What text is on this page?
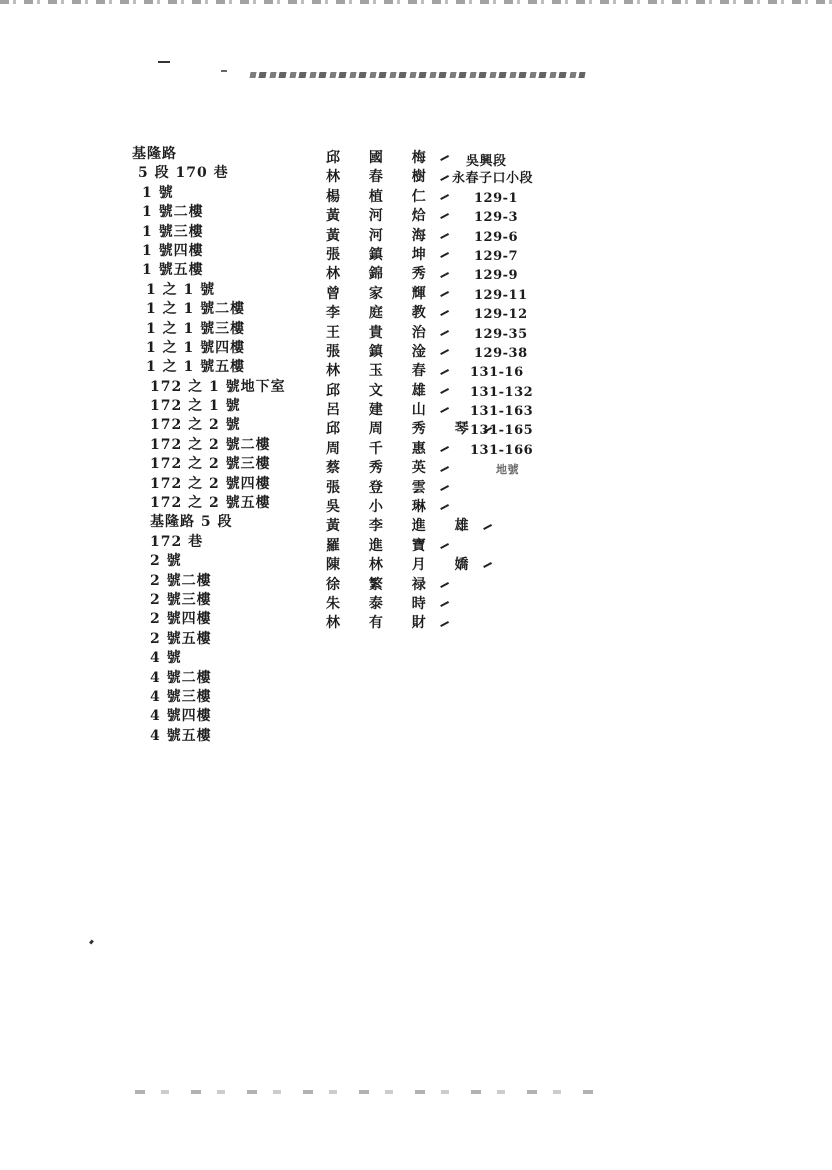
基隆路
5 段 170 巷
1 號
1 號二樓
1 號三樓
1 號四樓
1 號五樓
1 之 1 號
1 之 1 號二樓
1 之 1 號三樓
1 之 1 號四樓
1 之 1 號五樓
172 之 1 號地下室
172 之 1 號
172 之 2 號
172 之 2 號二樓
172 之 2 號三樓
172 之 2 號四樓
172 之 2 號五樓
基隆路 5 段
172 巷
2 號
2 號二樓
2 號三樓
2 號四樓
2 號五樓
4 號
4 號二樓
4 號三樓
4 號四樓
4 號五樓
邱 國 梅
林 春 樹
楊 植 仁
黃 河 烚
黃 河 海
張 鎮 坤
林 錦 秀
曾 家 輝
李 庭 教
王 貴 治
張 鎮 淦
林 玉 春
邱 文 雄
呂 建 山
邱 周 秀 琴
周 千 惠
蔡 秀 英
張 登 雲
吳 小 琳
黃 李 進 雄
羅 進 寶
陳 林 月 嬌
徐 繁 禄
朱 泰 時
林 有 財
吳興段
永春子口小段
129-1
129-3
129-6
129-7
129-9
129-11
129-12
129-35
129-38
131-16
131-132
131-163
131-165
131-166
地號
